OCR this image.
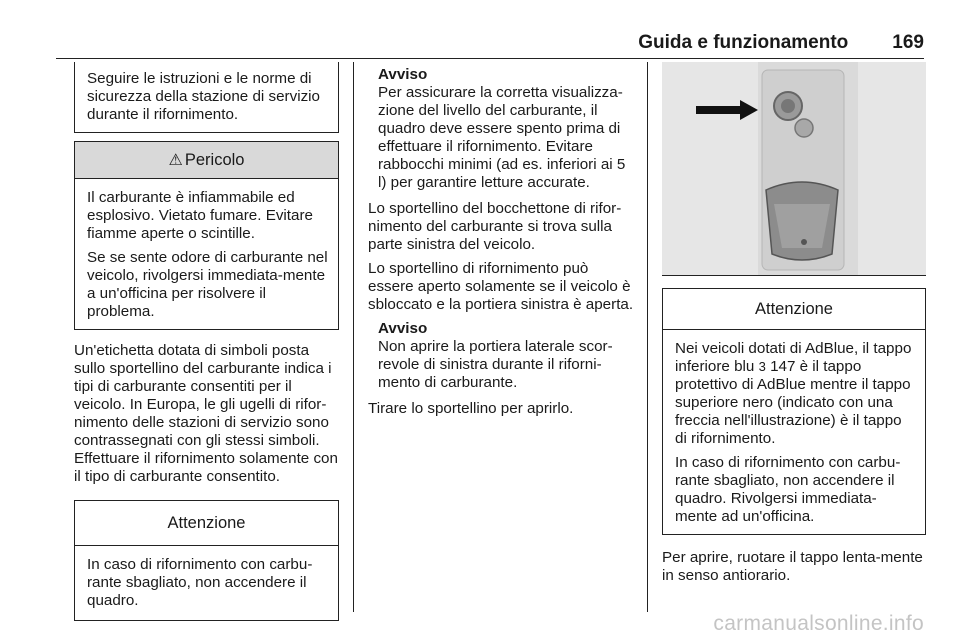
Guida e funzionamento 169

Seguire le istruzioni e le norme di sicurezza della stazione di servizio durante il rifornimento.

⚠ Pericolo

Il carburante è infiammabile ed esplosivo. Vietato fumare. Evitare fiamme aperte o scintille.

Se se sente odore di carburante nel veicolo, rivolgersi immediata-mente a un'officina per risolvere il problema.

Un'etichetta dotata di simboli posta sullo sportellino del carburante indica i tipi di carburante consentiti per il veicolo. In Europa, le gli ugelli di rifor-nimento delle stazioni di servizio sono contrassegnati con gli stessi simboli. Effettuare il rifornimento solamente con il tipo di carburante consentito.

Attenzione

In caso di rifornimento con carbu-rante sbagliato, non accendere il quadro.

Avviso

Per assicurare la corretta visualizza-zione del livello del carburante, il quadro deve essere spento prima di effettuare il rifornimento. Evitare rabbocchi minimi (ad es. inferiori ai 5 l) per garantire letture accurate.

Lo sportellino del bocchettone di rifor-nimento del carburante si trova sulla parte sinistra del veicolo.

Lo sportellino di rifornimento può essere aperto solamente se il veicolo è sbloccato e la portiera sinistra è aperta.

Avviso

Non aprire la portiera laterale scor-revole di sinistra durante il riforni-mento di carburante.

Tirare lo sportellino per aprirlo.

Attenzione

Nei veicoli dotati di AdBlue, il tappo inferiore blu 3 147 è il tappo protettivo di AdBlue mentre il tappo superiore nero (indicato con una freccia nell'illustrazione) è il tappo di rifornimento.

In caso di rifornimento con carbu-rante sbagliato, non accendere il quadro. Rivolgersi immediata-mente ad un'officina.

Per aprire, ruotare il tappo lenta-mente in senso antiorario.

carmanualsonline.info
